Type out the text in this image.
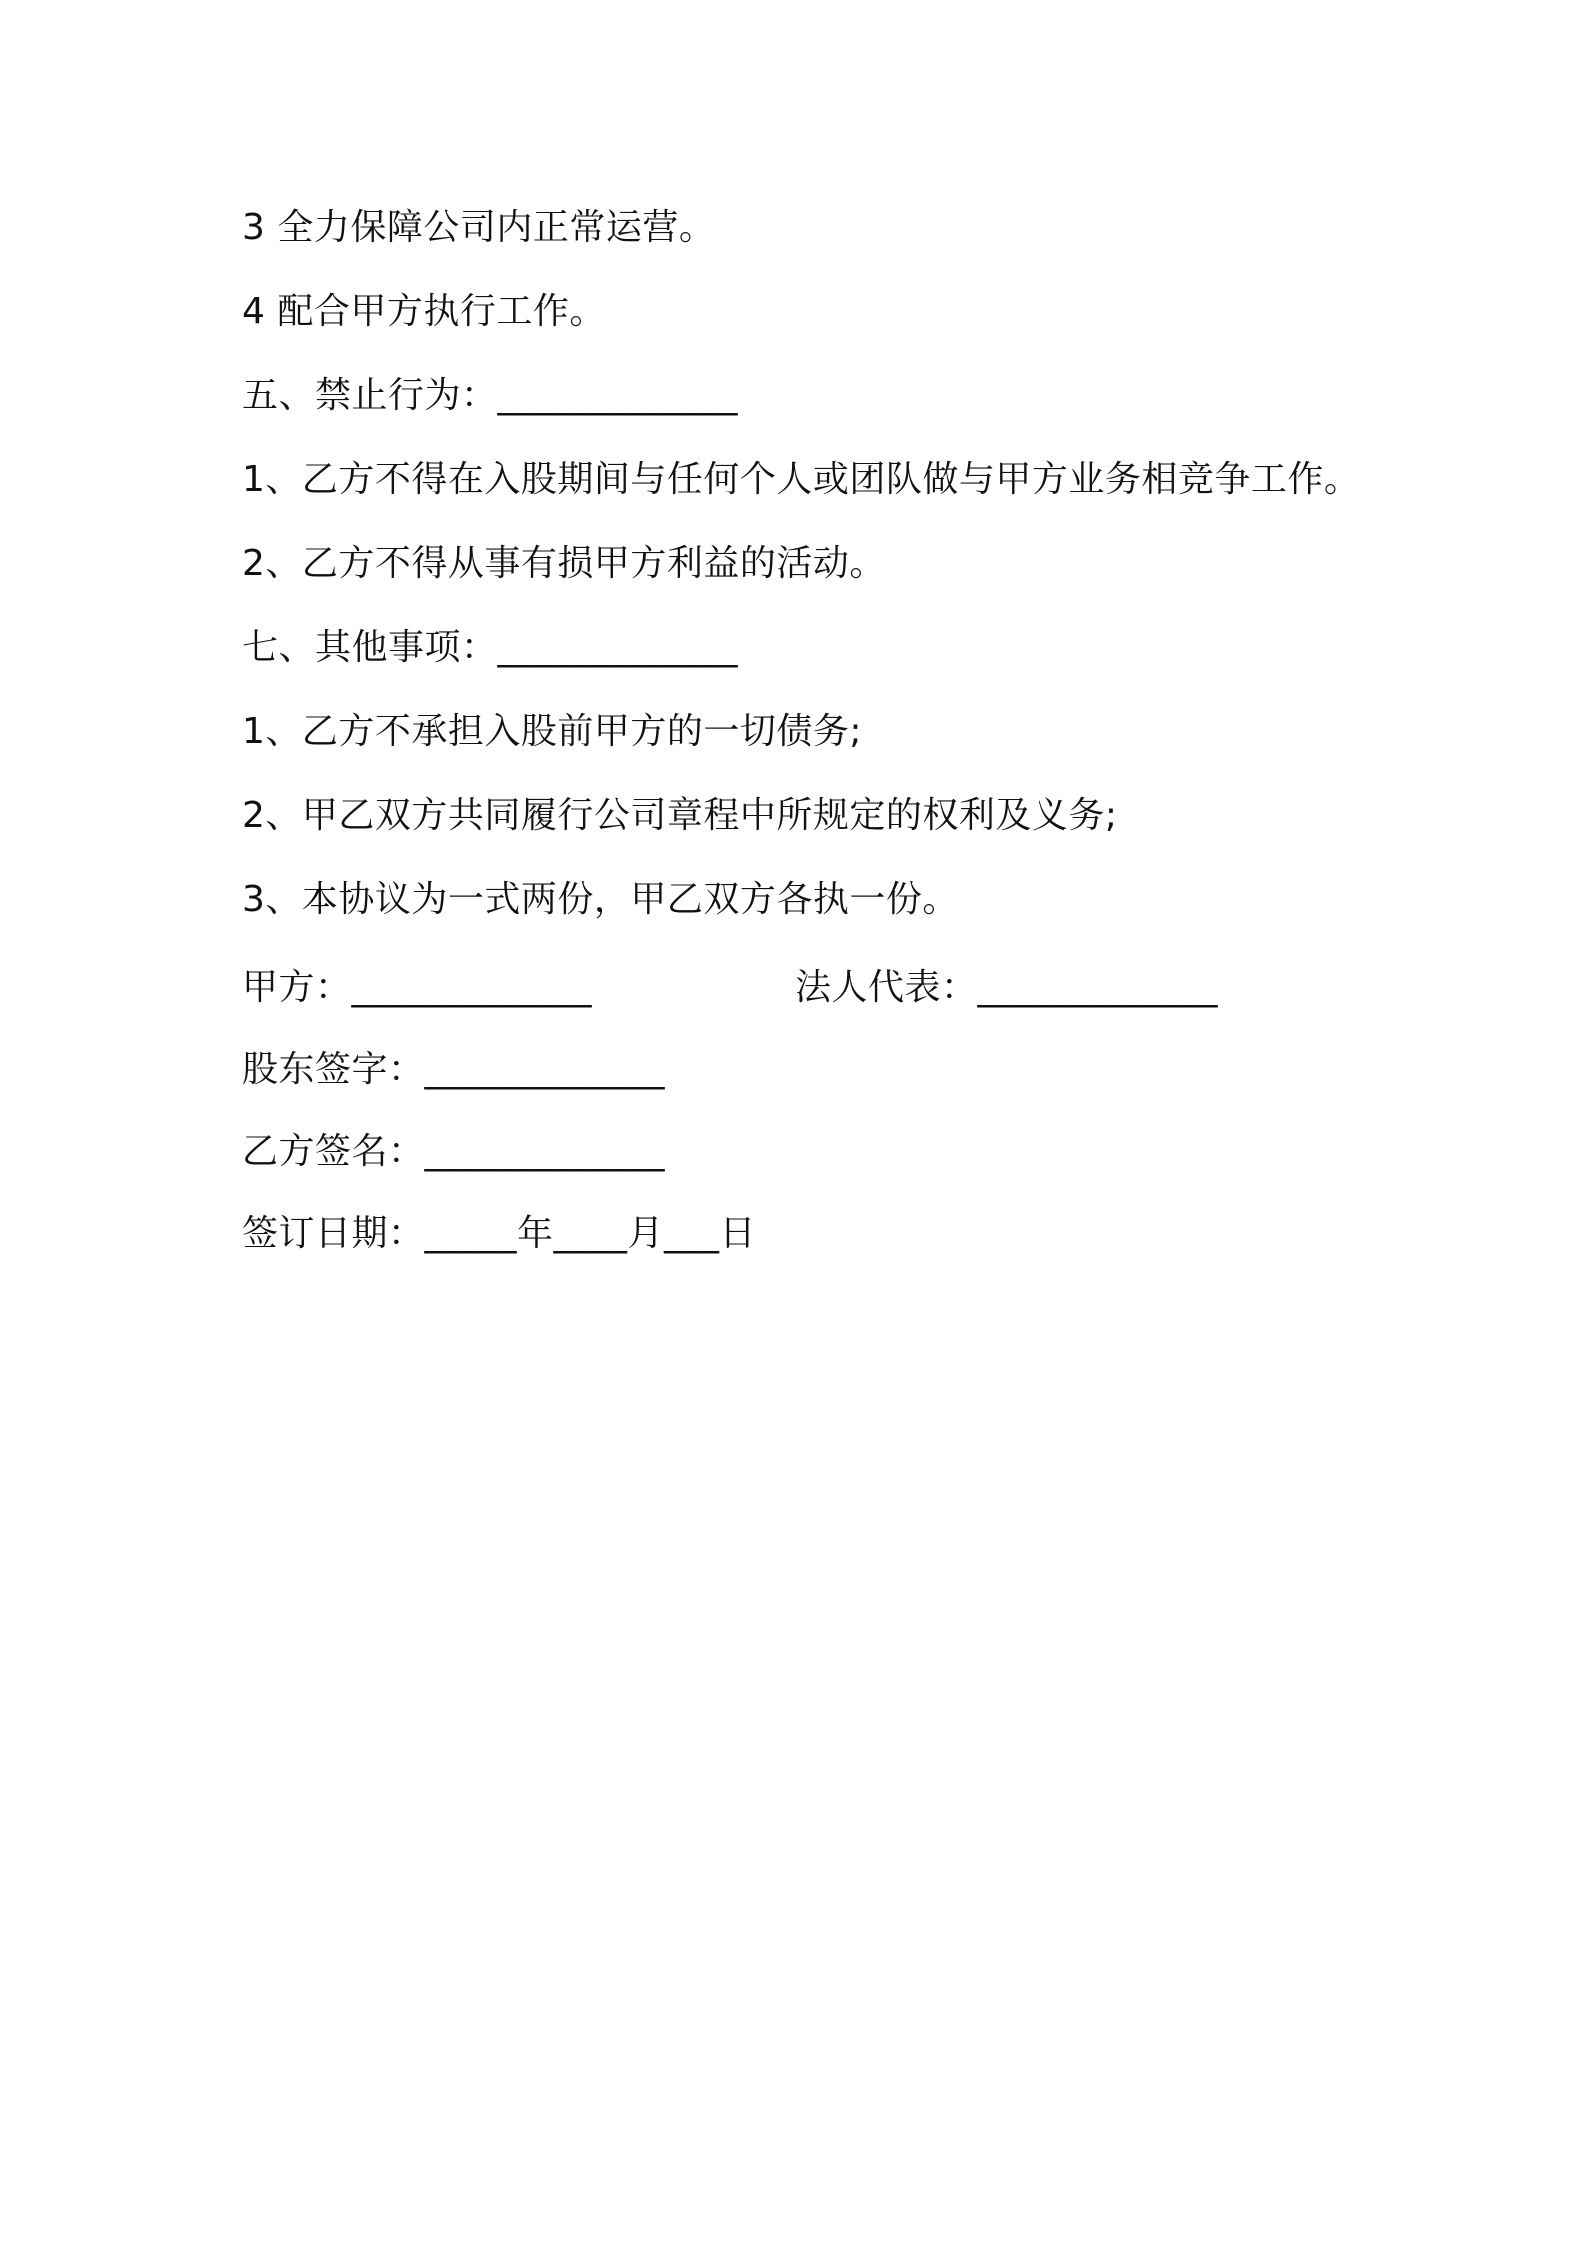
3 全力保障公司内正常运营。
4 配合甲方执行工作。
五、禁止行为：_____________
1、乙方不得在入股期间与任何个人或团队做与甲方业务相竞争工作。
2、乙方不得从事有损甲方利益的活动。
七、其他事项：_____________
1、乙方不承担入股前甲方的一切债务;
2、甲乙双方共同履行公司章程中所规定的权利及义务;
3、本协议为一式两份，甲乙双方各执一份。
甲方：_____________	法人代表：_____________
股东签字：_____________
乙方签名：_____________
签订日期：_____年____月___日
